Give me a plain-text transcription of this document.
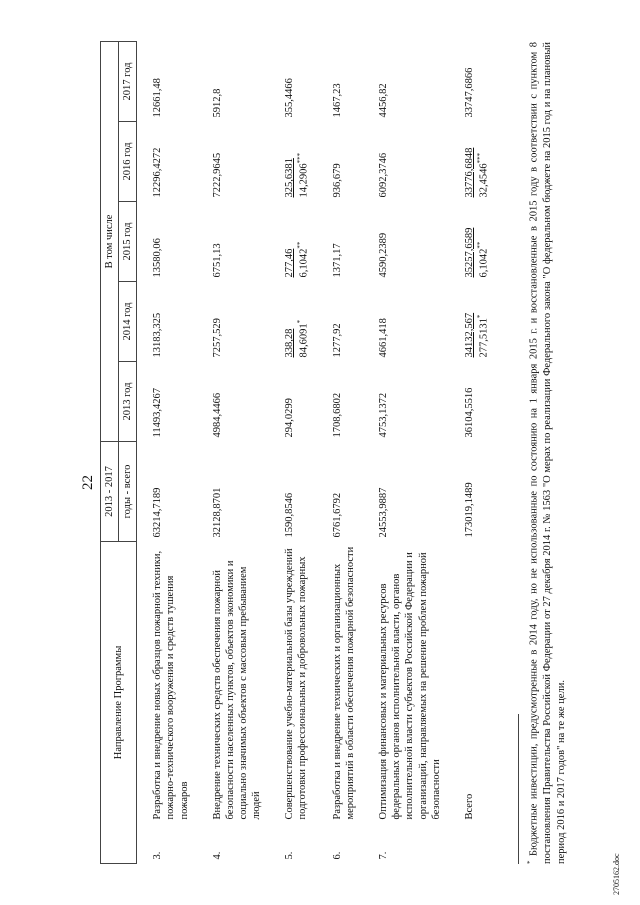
22
Направление Программы		2013 - 2017	В том числе				
		годы - всего	2013 год	2014 год	2015 год	2016 год	2017 год
3.	Разработка и внедрение новых образцов пожарной техники, пожарно-технического вооружения и средств тушения пожаров	63214,7189	11493,4267	13183,325	13580,06	12296,4272	12661,48
4.	Внедрение технических средств обеспечения пожарной безопасности населенных пунктов, объектов экономики и социально значимых объектов с массовым пребыванием людей	32128,8701	4984,4466	7257,529	6751,13	7222,9645	5912,8
5.	Совершенствование учебно-материальной базы учреждений подготовки профессиональных и добровольных пожарных	1590,8546	294,0299	338,28 84,6091*	277,46 6,1042**	325,6381 14,2906***	355,4466
6.	Разработка и внедрение технических и организационных мероприятий в области обеспечения пожарной безопасности	6761,6792	1708,6802	1277,92	1371,17	936,679	1467,23
7.	Оптимизация финансовых и материальных ресурсов федеральных органов исполнительной власти, органов исполнительной власти субъектов Российской Федерации и организаций, направляемых на решение проблем пожарной безопасности	24553,9887	4753,1372	4661,418	4590,2389	6092,3746	4456,82
	Всего	173019,1489	36104,5516	34132,567 277,5131*	35257,6589 6,1042**	33776,6848 32,4546***	33747,6866
* Бюджетные инвестиции, предусмотренные в 2014 году, но не использованные по состоянию на 1 января 2015 г. и восстановленные в 2015 году в соответствии с пунктом 8 постановления Правительства Российской Федерации от 27 декабря 2014 г. № 1563 "О мерах по реализации Федерального закона "О федеральном бюджете на 2015 год и на плановый период 2016 и 2017 годов" на те же цели.
2705162.doc
